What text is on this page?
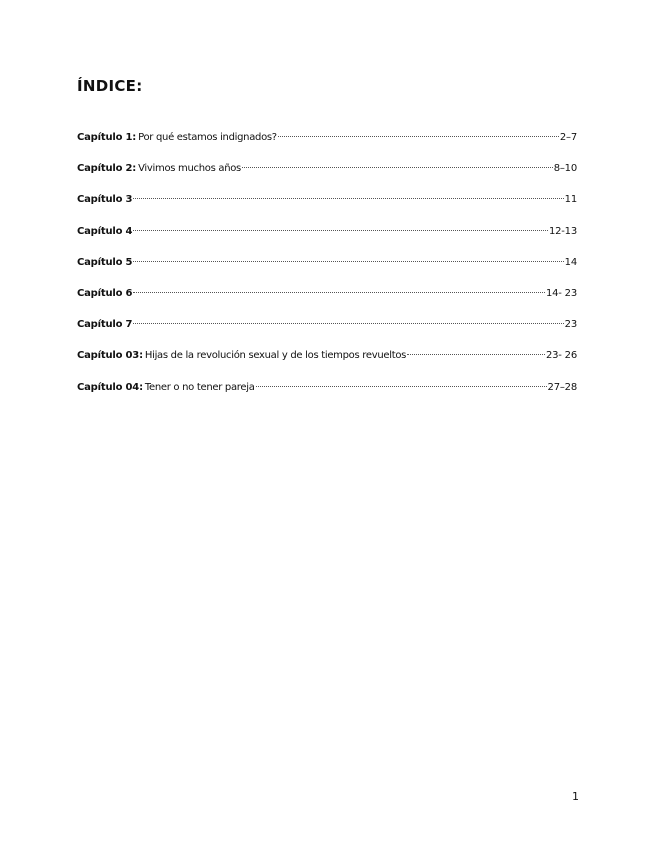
ÍNDICE:
Capítulo 1: Por qué estamos indignados?	2–7
Capítulo 2: Vivimos muchos años	8–10
Capítulo 3	11
Capítulo 4	12-13
Capítulo 5	14
Capítulo 6	14- 23
Capítulo 7	23
Capítulo 03: Hijas de la revolución sexual y de los tiempos revueltos	23- 26
Capítulo 04: Tener o no tener pareja	27–28
1
